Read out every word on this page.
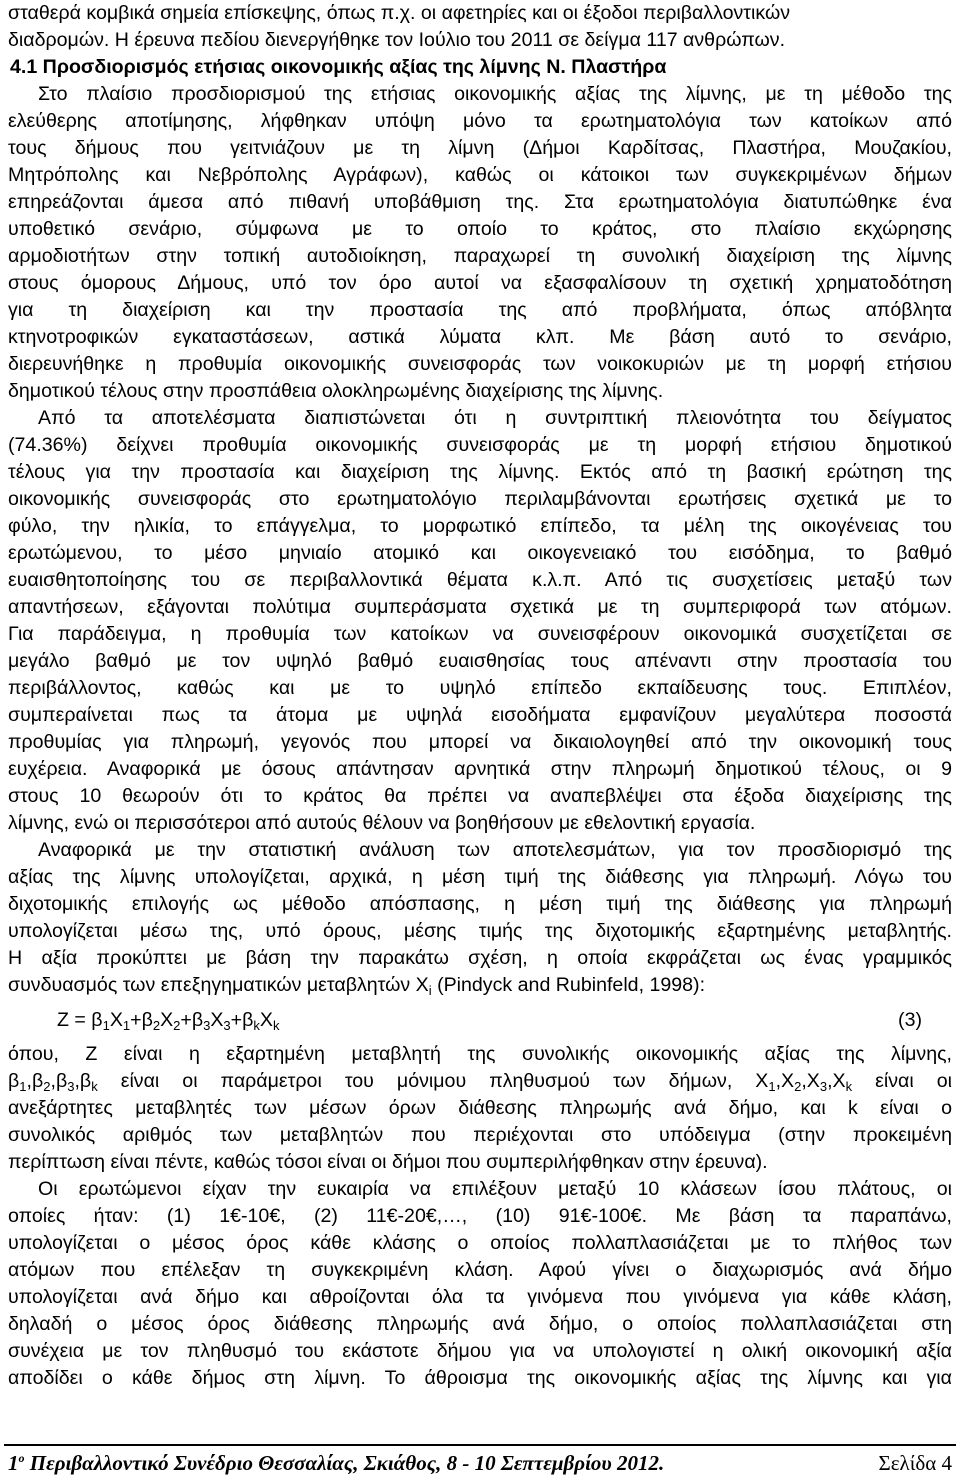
σταθερά κομβικά σημεία επίσκεψης, όπως π.χ. οι αφετηρίες και οι έξοδοι περιβαλλοντικών
διαδρομών. Η έρευνα πεδίου διενεργήθηκε τον Ιούλιο του 2011 σε δείγμα 117 ανθρώπων.
4.1 Προσδιορισμός ετήσιας οικονομικής αξίας της λίμνης Ν. Πλαστήρα
Στο πλαίσιο προσδιορισμού της ετήσιας οικονομικής αξίας της λίμνης, με τη μέθοδο της
ελεύθερης αποτίμησης, λήφθηκαν υπόψη μόνο τα ερωτηματολόγια των κατοίκων από
τους δήμους που γειτνιάζουν με τη λίμνη (Δήμοι Καρδίτσας, Πλαστήρα, Μουζακίου,
Μητρόπολης και Νεβρόπολης Αγράφων), καθώς οι κάτοικοι των συγκεκριμένων δήμων
επηρεάζονται άμεσα από πιθανή υποβάθμιση της. Στα ερωτηματολόγια διατυπώθηκε ένα
υποθετικό σενάριο, σύμφωνα με το οποίο το κράτος, στο πλαίσιο εκχώρησης
αρμοδιοτήτων στην τοπική αυτοδιοίκηση, παραχωρεί τη συνολική διαχείριση της λίμνης
στους όμορους Δήμους, υπό τον όρο αυτοί να εξασφαλίσουν τη σχετική χρηματοδότηση
για τη διαχείριση και την προστασία της από προβλήματα, όπως απόβλητα
κτηνοτροφικών εγκαταστάσεων, αστικά λύματα κλπ. Με βάση αυτό το σενάριο,
διερευνήθηκε η προθυμία οικονομικής συνεισφοράς των νοικοκυριών με τη μορφή ετήσιου
δημοτικού τέλους στην προσπάθεια ολοκληρωμένης διαχείρισης της λίμνης.
Από τα αποτελέσματα διαπιστώνεται ότι η συντριπτική πλειονότητα του δείγματος
(74.36%) δείχνει προθυμία οικονομικής συνεισφοράς με τη μορφή ετήσιου δημοτικού
τέλους για την προστασία και διαχείριση της λίμνης. Εκτός από τη βασική ερώτηση της
οικονομικής συνεισφοράς στο ερωτηματολόγιο περιλαμβάνονται ερωτήσεις σχετικά με το
φύλο, την ηλικία, το επάγγελμα, το μορφωτικό επίπεδο, τα μέλη της οικογένειας του
ερωτώμενου, το μέσο μηνιαίο ατομικό και οικογενειακό του εισόδημα, το βαθμό
ευαισθητοποίησης του σε περιβαλλοντικά θέματα κ.λ.π. Από τις συσχετίσεις μεταξύ των
απαντήσεων, εξάγονται πολύτιμα συμπεράσματα σχετικά με τη συμπεριφορά των ατόμων.
Για παράδειγμα, η προθυμία των κατοίκων να συνεισφέρουν οικονομικά συσχετίζεται σε
μεγάλο βαθμό με τον υψηλό βαθμό ευαισθησίας τους απέναντι στην προστασία του
περιβάλλοντος, καθώς και με το υψηλό επίπεδο εκπαίδευσης τους. Επιπλέον,
συμπεραίνεται πως τα άτομα με υψηλά εισοδήματα εμφανίζουν μεγαλύτερα ποσοστά
προθυμίας για πληρωμή, γεγονός που μπορεί να δικαιολογηθεί από την οικονομική τους
ευχέρεια. Αναφορικά με όσους απάντησαν αρνητικά στην πληρωμή δημοτικού τέλους, οι 9
στους 10 θεωρούν ότι το κράτος θα πρέπει να αναπεβλέψει στα έξοδα διαχείρισης της
λίμνης, ενώ οι περισσότεροι από αυτούς θέλουν να βοηθήσουν με εθελοντική εργασία.
Αναφορικά με την στατιστική ανάλυση των αποτελεσμάτων, για τον προσδιορισμό της
αξίας της λίμνης υπολογίζεται, αρχικά, η μέση τιμή της διάθεσης για πληρωμή. Λόγω του
διχοτομικής επιλογής ως μέθοδο απόσπασης, η μέση τιμή της διάθεσης για πληρωμή
υπολογίζεται μέσω της, υπό όρους, μέσης τιμής της διχοτομικής εξαρτημένης μεταβλητής.
Η αξία προκύπτει με βάση την παρακάτω σχέση, η οποία εκφράζεται ως ένας γραμμικός
συνδυασμός των επεξηγηματικών μεταβλητών $X_i$ (Pindyck and Rubinfeld, 1998):
$Z = \beta_1X_1+\beta_2X_2+\beta_3X_3+\beta_kX_k$	(3)
όπου, Z είναι η εξαρτημένη μεταβλητή της συνολικής οικονομικής αξίας της λίμνης,
$\beta_1,\beta_2,\beta_3,\beta_k$ είναι οι παράμετροι του μόνιμου πληθυσμού των δήμων, $X_1,X_2,X_3,X_k$ είναι οι
ανεξάρτητες μεταβλητές των μέσων όρων διάθεσης πληρωμής ανά δήμο, και k είναι ο
συνολικός αριθμός των μεταβλητών που περιέχονται στο υπόδειγμα (στην προκειμένη
περίπτωση είναι πέντε, καθώς τόσοι είναι οι δήμοι που συμπεριλήφθηκαν στην έρευνα).
Οι ερωτώμενοι είχαν την ευκαιρία να επιλέξουν μεταξύ 10 κλάσεων ίσου πλάτους, οι
οποίες ήταν: (1) 1€-10€, (2) 11€-20€,…, (10) 91€-100€. Με βάση τα παραπάνω,
υπολογίζεται ο μέσος όρος κάθε κλάσης ο οποίος πολλαπλασιάζεται με το πλήθος των
ατόμων που επέλεξαν τη συγκεκριμένη κλάση. Αφού γίνει ο διαχωρισμός ανά δήμο
υπολογίζεται ανά δήμο και αθροίζονται όλα τα γινόμενα που γινόμενα για κάθε κλάση,
δηλαδή ο μέσος όρος διάθεσης πληρωμής ανά δήμο, ο οποίος πολλαπλασιάζεται στη
συνέχεια με τον πληθυσμό του εκάστοτε δήμου για να υπολογιστεί η ολική οικονομική αξία
αποδίδει ο κάθε δήμος στη λίμνη. Το άθροισμα της οικονομικής αξίας της λίμνης και για
$1^o$ Περιβαλλοντικό Συνέδριο Θεσσαλίας, Σκιάθος, 8 - 10 Σεπτεμβρίου 2012.	Σελίδα 4
